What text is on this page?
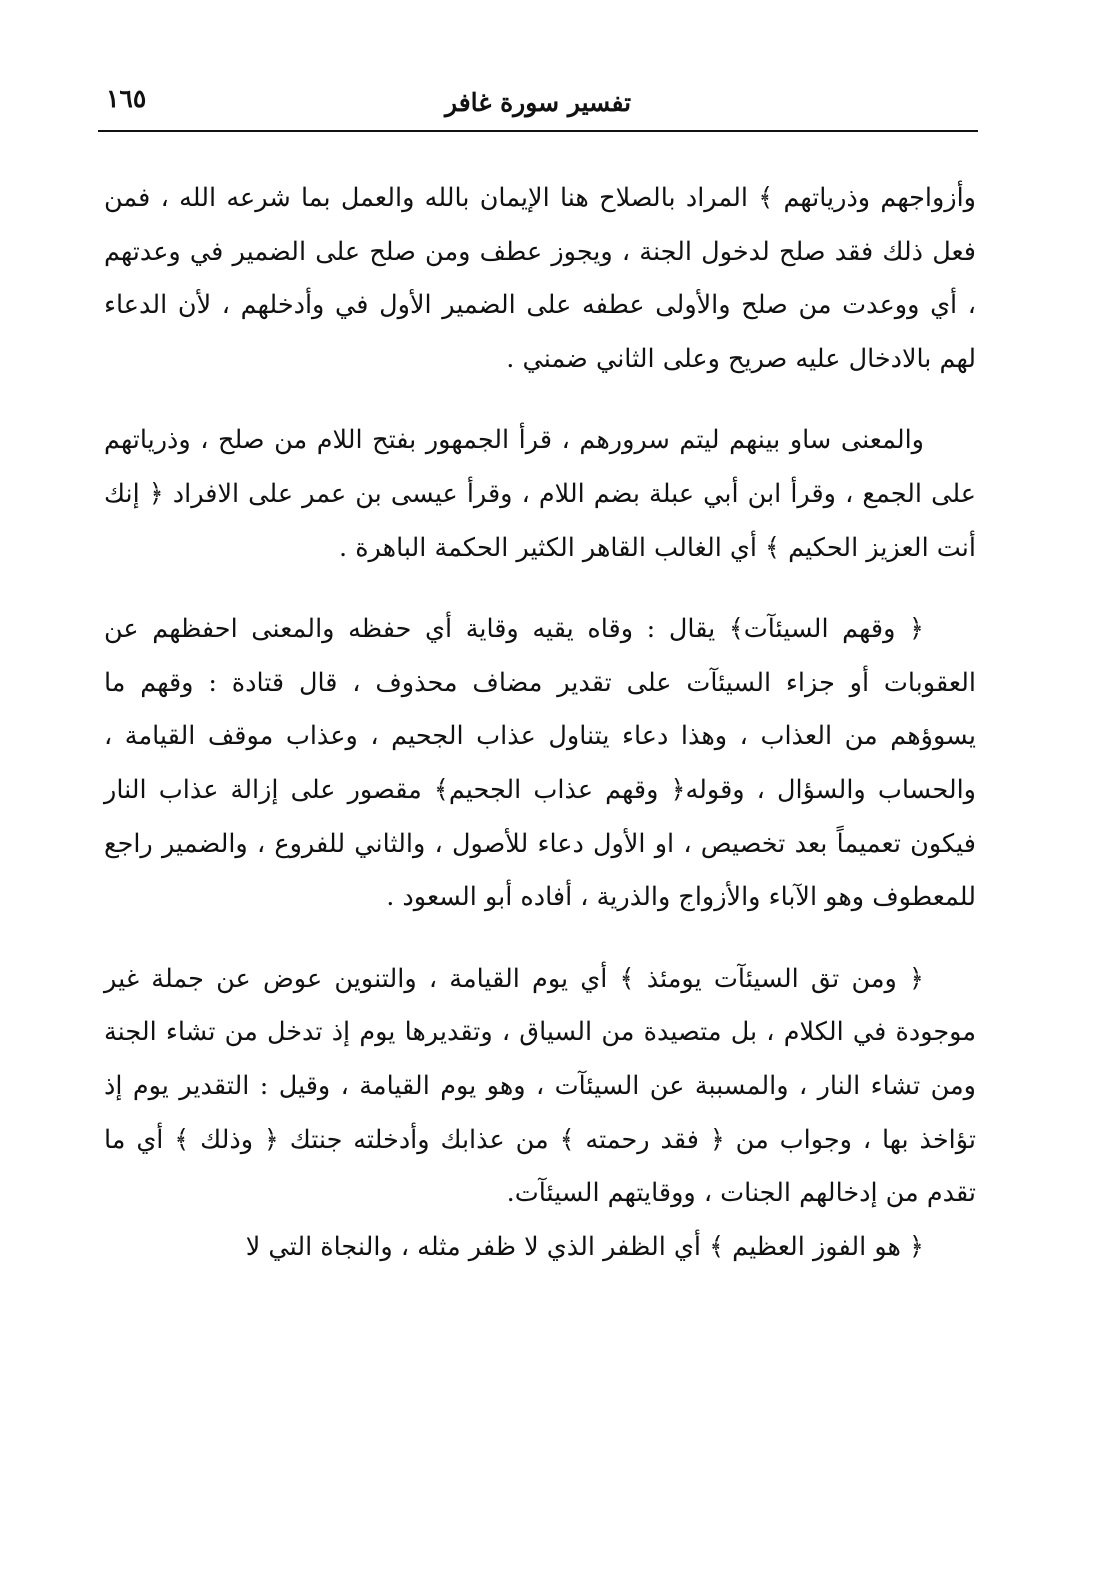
تفسير سورة غافر
١٦٥

وأزواجهم وذرياتهم ﴾ المراد بالصلاح هنا الإيمان بالله والعمل بما شرعه الله ، فمن فعل ذلك فقد صلح لدخول الجنة ، ويجوز عطف ومن صلح على الضمير في وعدتهم ، أي ووعدت من صلح والأولى عطفه على الضمير الأول في وأدخلهم ، لأن الدعاء لهم بالادخال عليه صريح وعلى الثاني ضمني .

والمعنى ساو بينهم ليتم سرورهم ، قرأ الجمهور بفتح اللام من صلح ، وذرياتهم على الجمع ، وقرأ ابن أبي عبلة بضم اللام ، وقرأ عيسى بن عمر على الافراد ﴿ إنك أنت العزيز الحكيم ﴾ أي الغالب القاهر الكثير الحكمة الباهرة .

﴿ وقهم السيئآت﴾ يقال : وقاه يقيه وقاية أي حفظه والمعنى احفظهم عن العقوبات أو جزاء السيئآت على تقدير مضاف محذوف ، قال قتادة : وقهم ما يسوؤهم من العذاب ، وهذا دعاء يتناول عذاب الجحيم ، وعذاب موقف القيامة ، والحساب والسؤال ، وقوله﴿ وقهم عذاب الجحيم﴾ مقصور على إزالة عذاب النار فيكون تعميماً بعد تخصيص ، او الأول دعاء للأصول ، والثاني للفروع ، والضمير راجع للمعطوف وهو الآباء والأزواج والذرية ، أفاده أبو السعود .

﴿ ومن تق السيئآت يومئذ ﴾ أي يوم القيامة ، والتنوين عوض عن جملة غير موجودة في الكلام ، بل متصيدة من السياق ، وتقديرها يوم إذ تدخل من تشاء الجنة ومن تشاء النار ، والمسببة عن السيئآت ، وهو يوم القيامة ، وقيل : التقدير يوم إذ تؤاخذ بها ، وجواب من ﴿ فقد رحمته ﴾ من عذابك وأدخلته جنتك ﴿ وذلك ﴾ أي ما تقدم من إدخالهم الجنات ، ووقايتهم السيئآت.

﴿ هو الفوز العظيم ﴾ أي الظفر الذي لا ظفر مثله ، والنجاة التي لا
